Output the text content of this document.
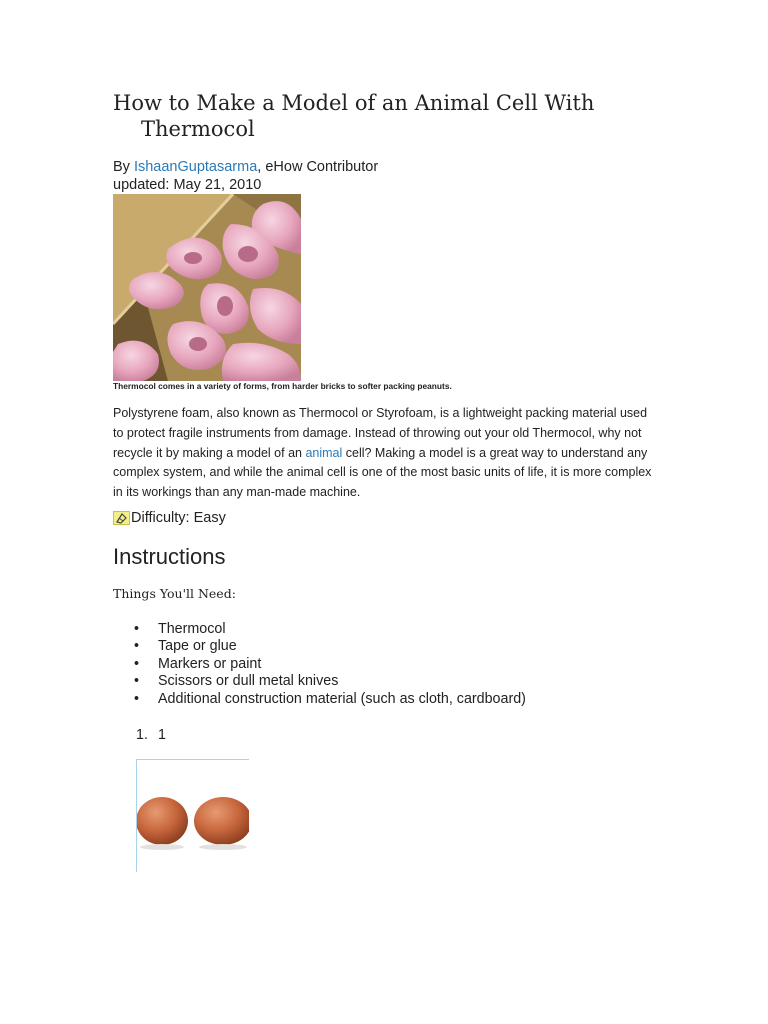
How to Make a Model of an Animal Cell With
Thermocol
By IshaanGuptasarma, eHow Contributor
updated: May 21, 2010
Thermocol comes in a variety of forms, from harder bricks to softer packing peanuts.
Polystyrene foam, also known as Thermocol or Styrofoam, is a lightweight packing material used to protect fragile instruments from damage. Instead of throwing out your old Thermocol, why not recycle it by making a model of an animal cell? Making a model is a great way to understand any complex system, and while the animal cell is one of the most basic units of life, it is more complex in its workings than any man-made machine.
Difficulty: Easy
Instructions
Things You'll Need:
• Thermocol
• Tape or glue
• Markers or paint
• Scissors or dull metal knives
• Additional construction material (such as cloth, cardboard)
1. 1
